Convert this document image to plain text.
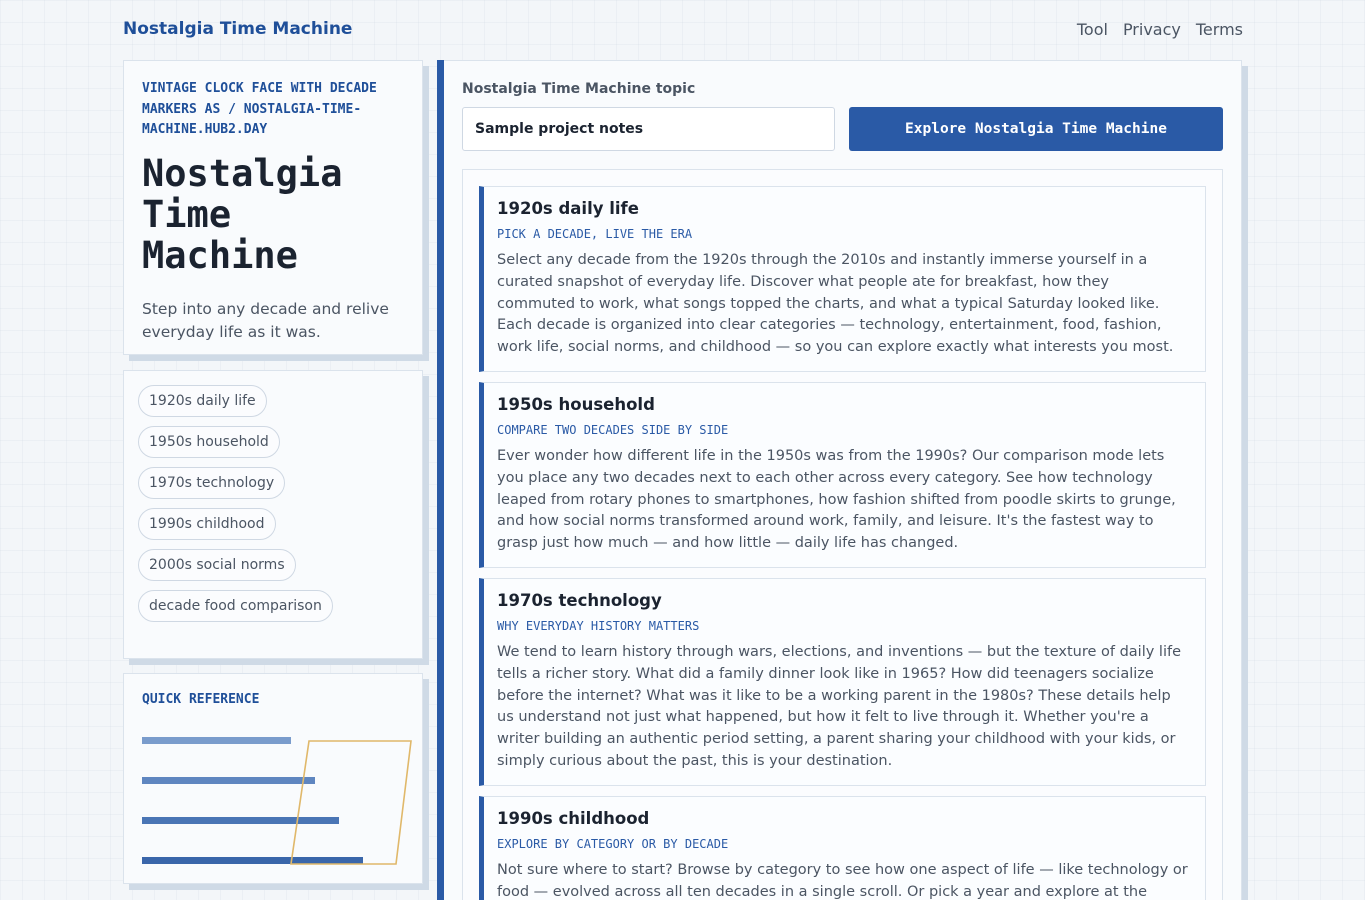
Nostalgia Time Machine	Tool Privacy Terms
VINTAGE CLOCK FACE WITH DECADE MARKERS AS / NOSTALGIA-TIME-MACHINE.HUB2.DAY
Nostalgia Time Machine

Step into any decade and relive everyday life as it was.

1920s daily life
1950s household
1970s technology
1990s childhood
2000s social norms
decade food comparison
QUICK REFERENCE
Nostalgia Time Machine topic
Sample project notes
Explore Nostalgia Time Machine
1920s daily life
PICK A DECADE, LIVE THE ERA

Select any decade from the 1920s through the 2010s and instantly immerse yourself in a curated snapshot of everyday life. Discover what people ate for breakfast, how they commuted to work, what songs topped the charts, and what a typical Saturday looked like. Each decade is organized into clear categories — technology, entertainment, food, fashion, work life, social norms, and childhood — so you can explore exactly what interests you most.

1950s household
COMPARE TWO DECADES SIDE BY SIDE

Ever wonder how different life in the 1950s was from the 1990s? Our comparison mode lets you place any two decades next to each other across every category. See how technology leaped from rotary phones to smartphones, how fashion shifted from poodle skirts to grunge, and how social norms transformed around work, family, and leisure. It's the fastest way to grasp just how much — and how little — daily life has changed.

1970s technology
WHY EVERYDAY HISTORY MATTERS

We tend to learn history through wars, elections, and inventions — but the texture of daily life tells a richer story. What did a family dinner look like in 1965? How did teenagers socialize before the internet? What was it like to be a working parent in the 1980s? These details help us understand not just what happened, but how it felt to live through it. Whether you're a writer building an authentic period setting, a parent sharing your childhood with your kids, or simply curious about the past, this is your destination.

1990s childhood
EXPLORE BY CATEGORY OR BY DECADE

Not sure where to start? Browse by category to see how one aspect of life — like technology or food — evolved across all ten decades in a single scroll. Or pick a year and explore at the
